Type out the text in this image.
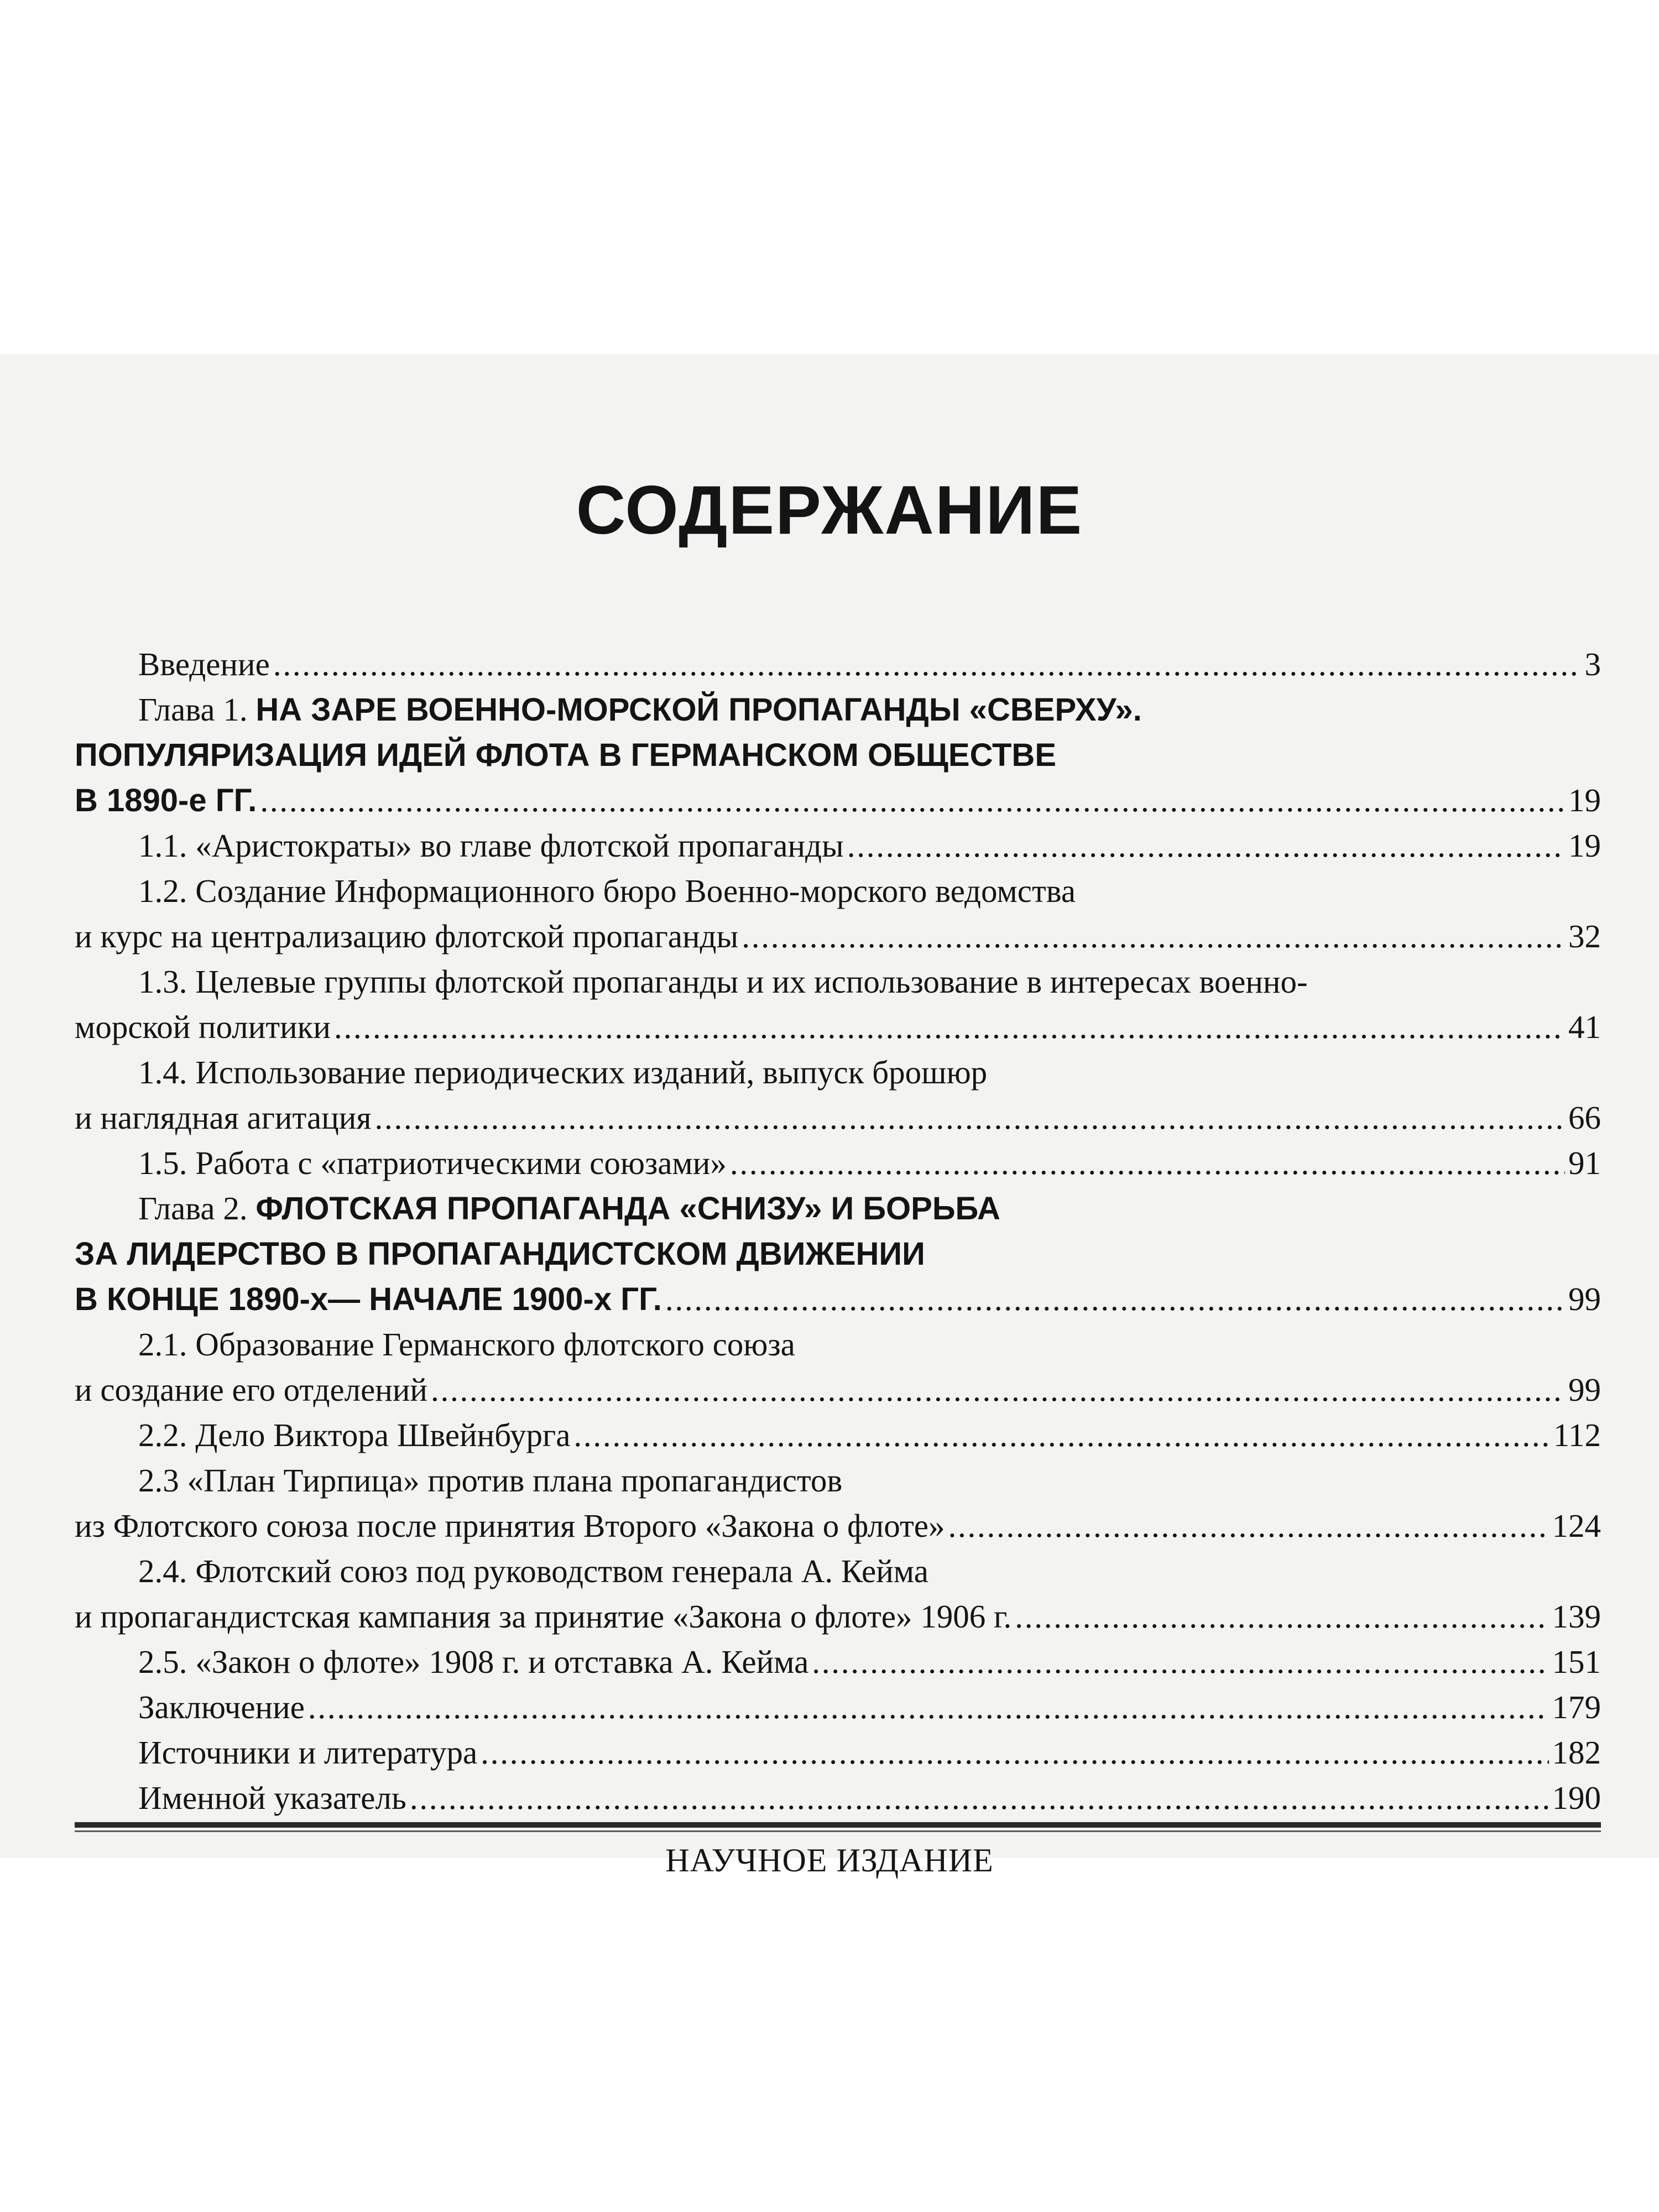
СОДЕРЖАНИЕ
Введение . . .	3
Глава 1. НА ЗАРЕ ВОЕННО-МОРСКОЙ ПРОПАГАНДЫ «СВЕРХУ».
ПОПУЛЯРИЗАЦИЯ ИДЕЙ ФЛОТА В ГЕРМАНСКОМ ОБЩЕСТВЕ
В 1890-е ГГ. . . .	19
1.1. «Аристократы» во главе флотской пропаганды . . .	19
1.2. Создание Информационного бюро Военно-морского ведомства
и курс на централизацию флотской пропаганды . . .	32
1.3. Целевые группы флотской пропаганды и их использование в интересах военно-
морской политики . . .	41
1.4. Использование периодических изданий, выпуск брошюр
и наглядная агитация . . .	66
1.5. Работа с «патриотическими союзами» . . .	91
Глава 2. ФЛОТСКАЯ ПРОПАГАНДА «СНИЗУ» И БОРЬБА
ЗА ЛИДЕРСТВО В ПРОПАГАНДИСТСКОМ ДВИЖЕНИИ
В КОНЦЕ 1890-х— НАЧАЛЕ 1900-х ГГ. . . .	99
2.1. Образование Германского флотского союза
и создание его отделений . . .	99
2.2. Дело Виктора Швейнбурга . . .	112
2.3 «План Тирпица» против плана пропагандистов
из Флотского союза после принятия Второго «Закона о флоте» . . .	124
2.4. Флотский союз под руководством генерала А. Кейма
и пропагандистская кампания за принятие «Закона о флоте» 1906 г. . . .	139
2.5. «Закон о флоте» 1908 г. и отставка А. Кейма . . .	151
Заключение . . .	179
Источники и литература . . .	182
Именной указатель . . .	190
НАУЧНОЕ ИЗДАНИЕ
